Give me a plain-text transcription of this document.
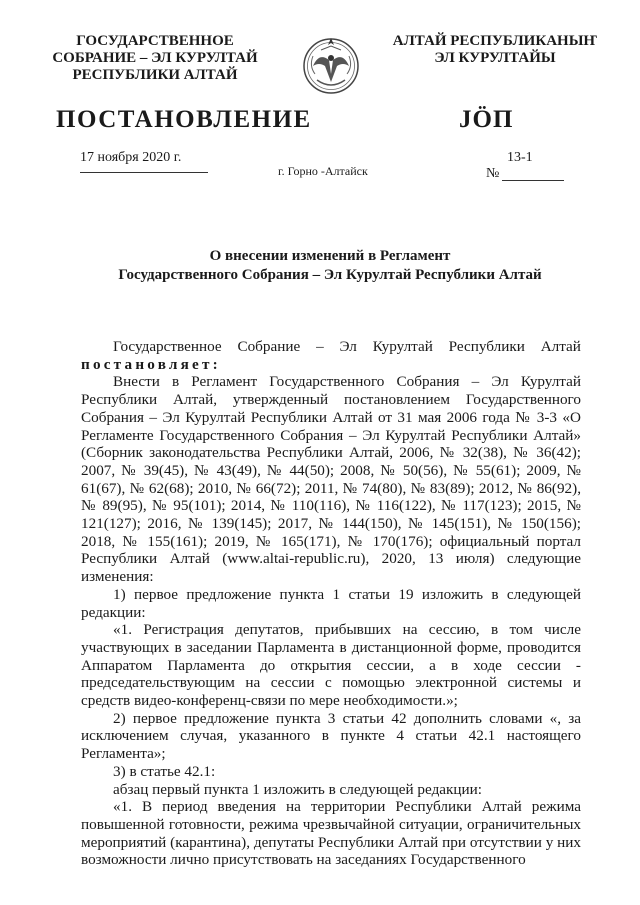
ГОСУДАРСТВЕННОЕ
СОБРАНИЕ – ЭЛ КУРУЛТАЙ
РЕСПУБЛИКИ АЛТАЙ
АЛТАЙ РЕСПУБЛИКАНЫҤ
ЭЛ КУРУЛТАЙЫ
ПОСТАНОВЛЕНИЕ	JӦП
17 ноября 2020 г.
г. Горно -Алтайск
13-1
№
О внесении изменений в Регламент
Государственного Собрания – Эл Курултай Республики Алтай
Государственное Собрание – Эл Курултай Республики Алтай

постановляет:

Внести в Регламент Государственного Собрания – Эл Курултай Республики Алтай, утвержденный постановлением Государственного Собрания – Эл Курултай Республики Алтай от 31 мая 2006 года № 3-3 «О Регламенте Государственного Собрания – Эл Курултай Республики Алтай» (Сборник законодательства Республики Алтай, 2006, № 32(38), № 36(42); 2007, № 39(45), № 43(49), № 44(50); 2008, № 50(56), № 55(61); 2009, № 61(67), № 62(68); 2010, № 66(72); 2011, № 74(80), № 83(89); 2012, № 86(92), № 89(95), № 95(101); 2014, № 110(116), № 116(122), № 117(123); 2015, № 121(127); 2016, № 139(145); 2017, № 144(150), № 145(151), № 150(156); 2018, № 155(161); 2019, № 165(171), № 170(176); официальный портал Республики Алтай (www.altai-republic.ru), 2020, 13 июля) следующие изменения:

1) первое предложение пункта 1 статьи 19 изложить в следующей редакции:

«1. Регистрация депутатов, прибывших на сессию, в том числе участвующих в заседании Парламента в дистанционной форме, проводится Аппаратом Парламента до открытия сессии, а в ходе сессии - председательствующим на сессии с помощью электронной системы и средств видео-конференц-связи по мере необходимости.»;

2) первое предложение пункта 3 статьи 42 дополнить словами «, за исключением случая, указанного в пункте 4 статьи 42.1 настоящего Регламента»;

3) в статье 42.1:

абзац первый пункта 1 изложить в следующей редакции:

«1. В период введения на территории Республики Алтай режима повышенной готовности, режима чрезвычайной ситуации, ограничительных мероприятий (карантина), депутаты Республики Алтай при отсутствии у них возможности лично присутствовать на заседаниях Государственного
